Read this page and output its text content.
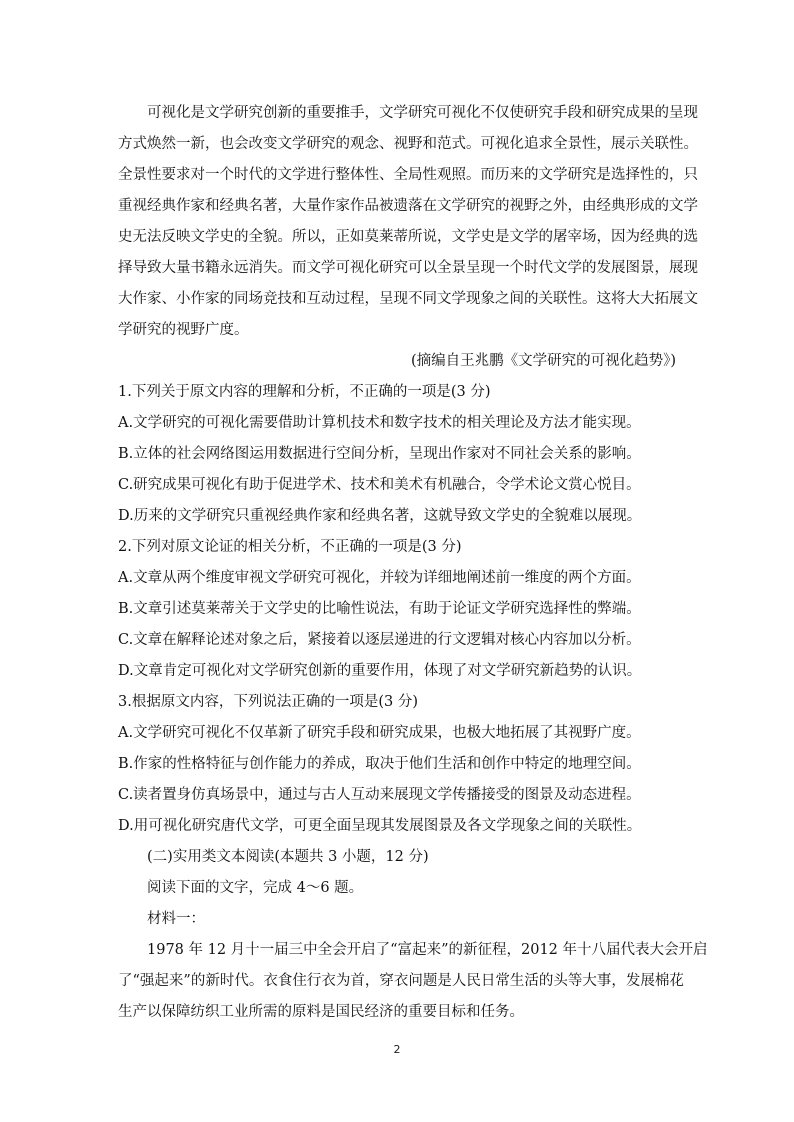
可视化是文学研究创新的重要推手，文学研究可视化不仅使研究手段和研究成果的呈现

方式焕然一新，也会改变文学研究的观念、视野和范式。可视化追求全景性，展示关联性。

全景性要求对一个时代的文学进行整体性、全局性观照。而历来的文学研究是选择性的，只

重视经典作家和经典名著，大量作家作品被遗落在文学研究的视野之外，由经典形成的文学

史无法反映文学史的全貌。所以，正如莫莱蒂所说，文学史是文学的屠宰场，因为经典的选

择导致大量书籍永远消失。而文学可视化研究可以全景呈现一个时代文学的发展图景，展现

大作家、小作家的同场竞技和互动过程，呈现不同文学现象之间的关联性。这将大大拓展文

学研究的视野广度。

(摘编自王兆鹏《文学研究的可视化趋势》)

1.下列关于原文内容的理解和分析，不正确的一项是(3 分)

A.文学研究的可视化需要借助计算机技术和数字技术的相关理论及方法才能实现。

B.立体的社会网络图运用数据进行空间分析，呈现出作家对不同社会关系的影响。

C.研究成果可视化有助于促进学术、技术和美术有机融合，令学术论文赏心悦目。

D.历来的文学研究只重视经典作家和经典名著，这就导致文学史的全貌难以展现。

2.下列对原文论证的相关分析，不正确的一项是(3 分)

A.文章从两个维度审视文学研究可视化，并较为详细地阐述前一维度的两个方面。

B.文章引述莫莱蒂关于文学史的比喻性说法，有助于论证文学研究选择性的弊端。

C.文章在解释论述对象之后，紧接着以逐层递进的行文逻辑对核心内容加以分析。

D.文章肯定可视化对文学研究创新的重要作用，体现了对文学研究新趋势的认识。

3.根据原文内容，下列说法正确的一项是(3 分)

A.文学研究可视化不仅革新了研究手段和研究成果，也极大地拓展了其视野广度。

B.作家的性格特征与创作能力的养成，取决于他们生活和创作中特定的地理空间。

C.读者置身仿真场景中，通过与古人互动来展现文学传播接受的图景及动态进程。

D.用可视化研究唐代文学，可更全面呈现其发展图景及各文学现象之间的关联性。

(二)实用类文本阅读(本题共 3 小题，12 分)

阅读下面的文字，完成 4～6 题。

材料一：

1978 年 12 月十一届三中全会开启了“富起来”的新征程，2012 年十八届代表大会开启

了“强起来”的新时代。衣食住行衣为首，穿衣问题是人民日常生活的头等大事，发展棉花

生产以保障纺织工业所需的原料是国民经济的重要目标和任务。

2
